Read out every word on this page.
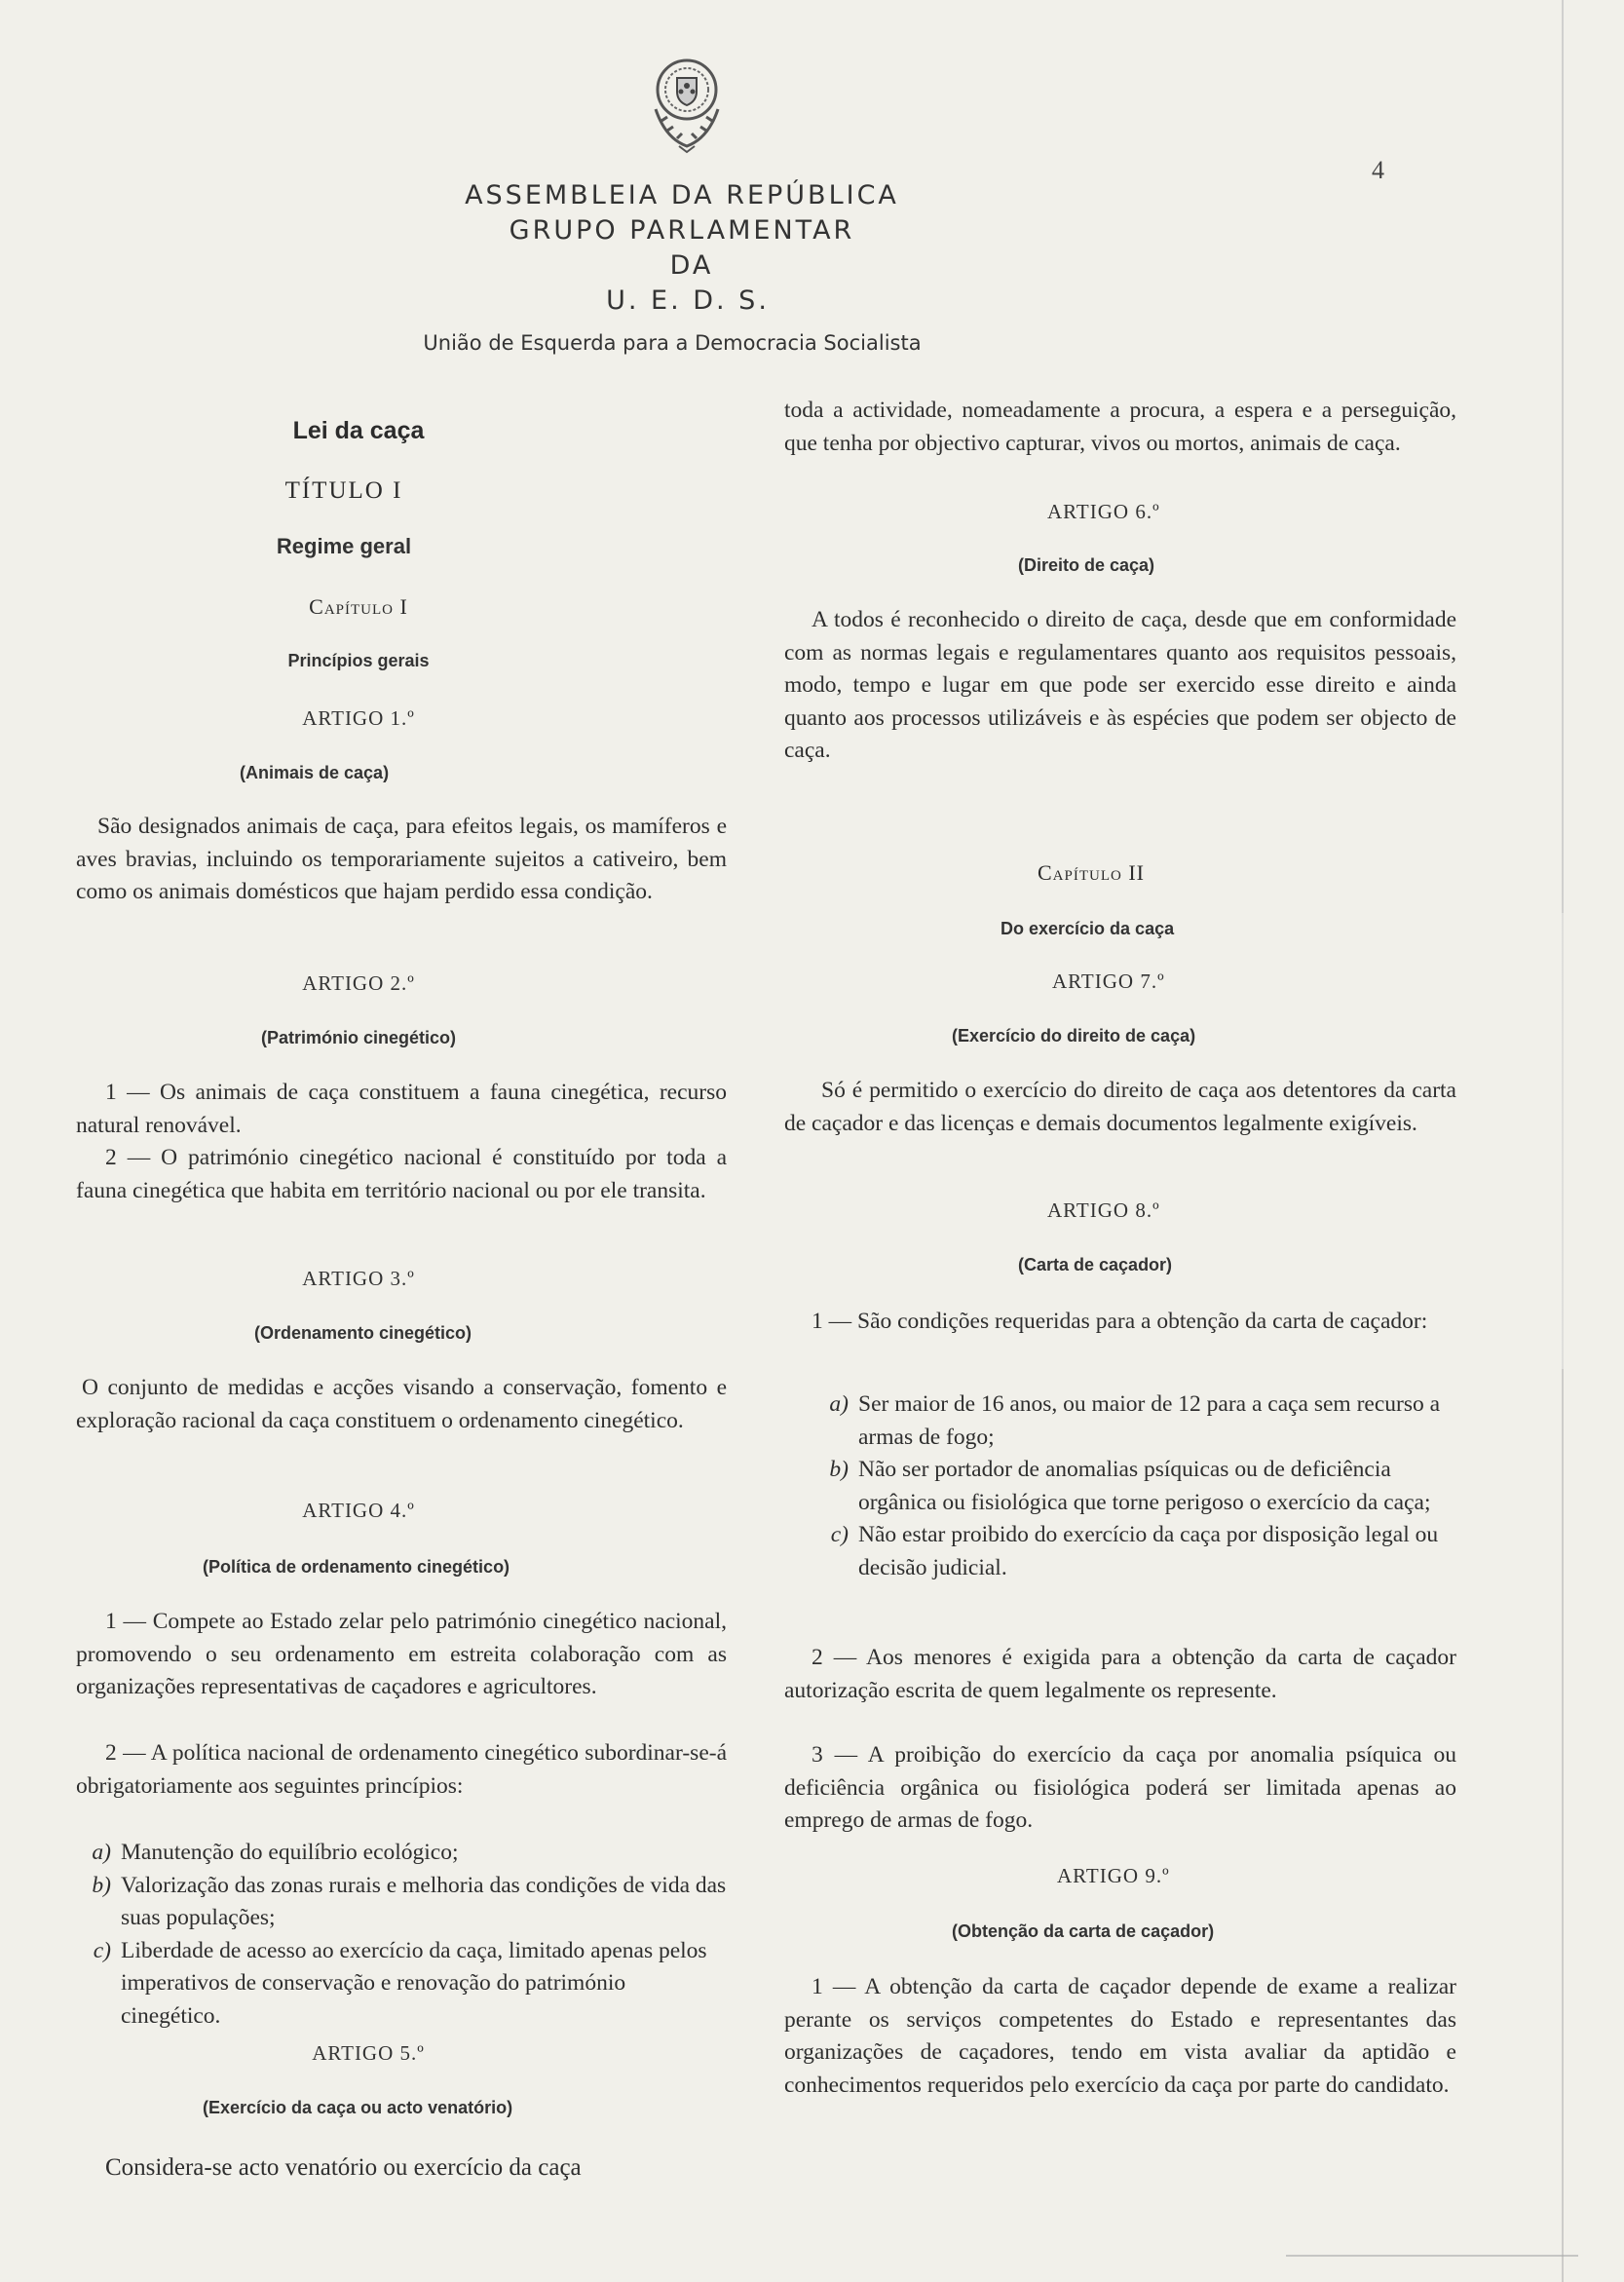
ASSEMBLEIA DA REPÚBLICA
GRUPO PARLAMENTAR
DA
U. E. D. S.
União de Esquerda para a Democracia Socialista
4

Lei da caça

TÍTULO I

Regime geral

Capítulo I

Princípios gerais

ARTIGO 1.º

(Animais de caça)

São designados animais de caça, para efeitos legais, os mamíferos e aves bravias, incluindo os temporariamente sujeitos a cativeiro, bem como os animais domésticos que hajam perdido essa condição.

ARTIGO 2.º

(Património cinegético)

1 — Os animais de caça constituem a fauna cinegética, recurso natural renovável.

2 — O património cinegético nacional é constituído por toda a fauna cinegética que habita em território nacional ou por ele transita.

ARTIGO 3.º

(Ordenamento cinegético)

O conjunto de medidas e acções visando a conservação, fomento e exploração racional da caça constituem o ordenamento cinegético.

ARTIGO 4.º

(Política de ordenamento cinegético)

1 — Compete ao Estado zelar pelo património cinegético nacional, promovendo o seu ordenamento em estreita colaboração com as organizações representativas de caçadores e agricultores.

2 — A política nacional de ordenamento cinegético subordinar-se-á obrigatoriamente aos seguintes princípios:

a) Manutenção do equilíbrio ecológico;
b) Valorização das zonas rurais e melhoria das condições de vida das suas populações;
c) Liberdade de acesso ao exercício da caça, limitado apenas pelos imperativos de conservação e renovação do património cinegético.

ARTIGO 5.º

(Exercício da caça ou acto venatório)

Considera-se acto venatório ou exercício da caça

toda a actividade, nomeadamente a procura, a espera e a perseguição, que tenha por objectivo capturar, vivos ou mortos, animais de caça.

ARTIGO 6.º

(Direito de caça)

A todos é reconhecido o direito de caça, desde que em conformidade com as normas legais e regulamentares quanto aos requisitos pessoais, modo, tempo e lugar em que pode ser exercido esse direito e ainda quanto aos processos utilizáveis e às espécies que podem ser objecto de caça.

Capítulo II

Do exercício da caça

ARTIGO 7.º

(Exercício do direito de caça)

Só é permitido o exercício do direito de caça aos detentores da carta de caçador e das licenças e demais documentos legalmente exigíveis.

ARTIGO 8.º

(Carta de caçador)

1 — São condições requeridas para a obtenção da carta de caçador:

a) Ser maior de 16 anos, ou maior de 12 para a caça sem recurso a armas de fogo;
b) Não ser portador de anomalias psíquicas ou de deficiência orgânica ou fisiológica que torne perigoso o exercício da caça;
c) Não estar proibido do exercício da caça por disposição legal ou decisão judicial.

2 — Aos menores é exigida para a obtenção da carta de caçador autorização escrita de quem legalmente os represente.

3 — A proibição do exercício da caça por anomalia psíquica ou deficiência orgânica ou fisiológica poderá ser limitada apenas ao emprego de armas de fogo.

ARTIGO 9.º

(Obtenção da carta de caçador)

1 — A obtenção da carta de caçador depende de exame a realizar perante os serviços competentes do Estado e representantes das organizações de caçadores, tendo em vista avaliar da aptidão e conhecimentos requeridos pelo exercício da caça por parte do candidato.
